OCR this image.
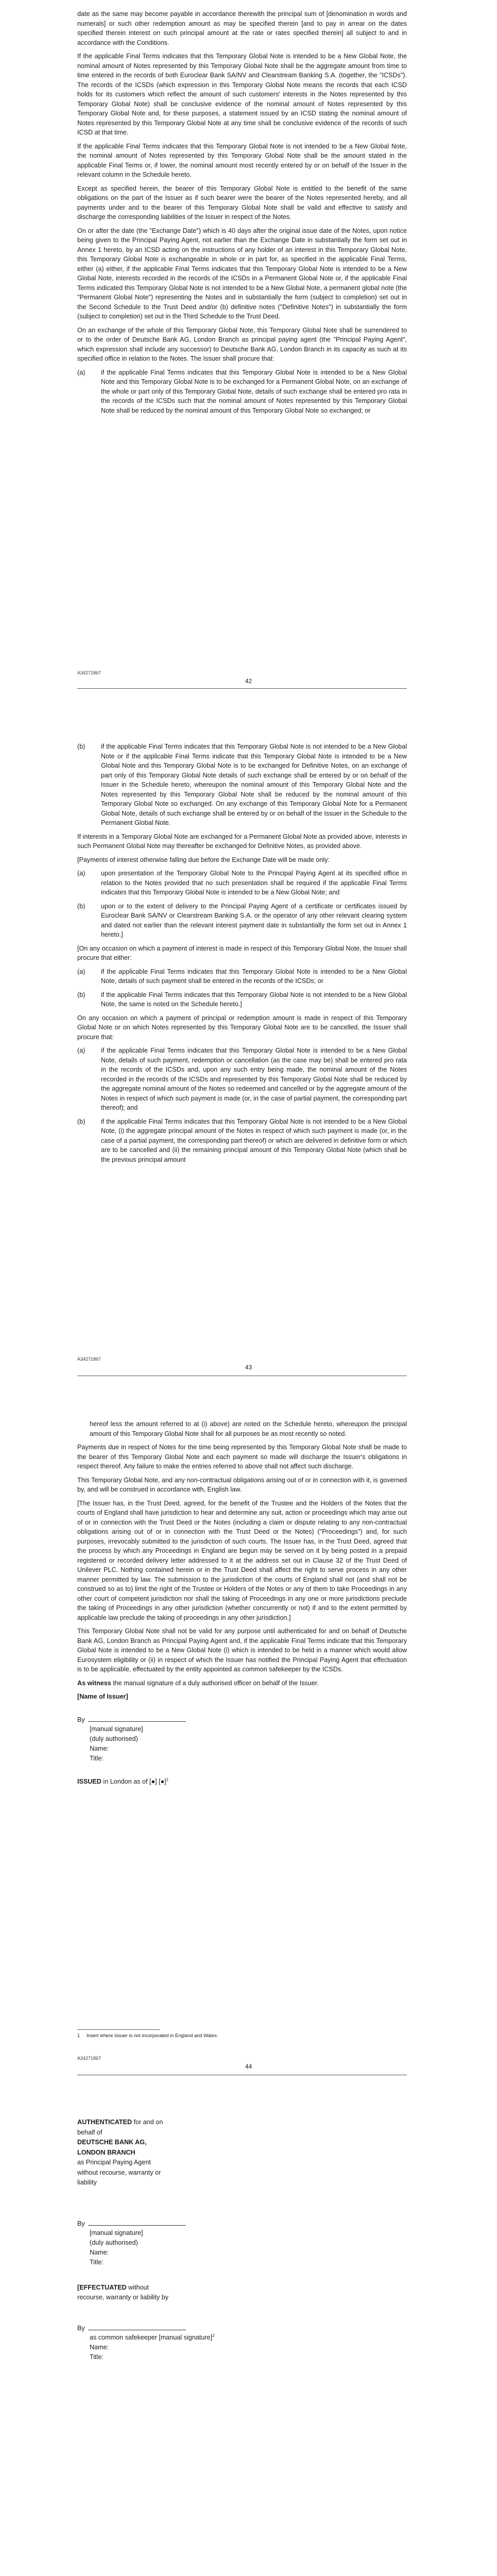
date as the same may become payable in accordance therewith the principal sum of [denomination in words and numerals] or such other redemption amount as may be specified therein [and to pay in arrear on the dates specified therein interest on such principal amount at the rate or rates specified therein] all subject to and in accordance with the Conditions.

If the applicable Final Terms indicates that this Temporary Global Note is intended to be a New Global Note, the nominal amount of Notes represented by this Temporary Global Note shall be the aggregate amount from time to time entered in the records of both Euroclear Bank SA/NV and Clearstream Banking S.A. (together, the "ICSDs"). The records of the ICSDs (which expression in this Temporary Global Note means the records that each ICSD holds for its customers which reflect the amount of such customers' interests in the Notes represented by this Temporary Global Note) shall be conclusive evidence of the nominal amount of Notes represented by this Temporary Global Note and, for these purposes, a statement issued by an ICSD stating the nominal amount of Notes represented by this Temporary Global Note at any time shall be conclusive evidence of the records of such ICSD at that time.

If the applicable Final Terms indicates that this Temporary Global Note is not intended to be a New Global Note, the nominal amount of Notes represented by this Temporary Global Note shall be the amount stated in the applicable Final Terms or, if lower, the nominal amount most recently entered by or on behalf of the Issuer in the relevant column in the Schedule hereto.

Except as specified herein, the bearer of this Temporary Global Note is entitled to the benefit of the same obligations on the part of the Issuer as if such bearer were the bearer of the Notes represented hereby, and all payments under and to the bearer of this Temporary Global Note shall be valid and effective to satisfy and discharge the corresponding liabilities of the Issuer in respect of the Notes.

On or after the date (the "Exchange Date") which is 40 days after the original issue date of the Notes, upon notice being given to the Principal Paying Agent, not earlier than the Exchange Date in substantially the form set out in Annex 1 hereto, by an ICSD acting on the instructions of any holder of an interest in this Temporary Global Note, this Temporary Global Note is exchangeable in whole or in part for, as specified in the applicable Final Terms, either (a) either, if the applicable Final Terms indicates that this Temporary Global Note is intended to be a New Global Note, interests recorded in the records of the ICSDs in a Permanent Global Note or, if the applicable Final Terms indicated this Temporary Global Note is not intended to be a New Global Note, a permanent global note (the "Permanent Global Note") representing the Notes and in substantially the form (subject to completion) set out in the Second Schedule to the Trust Deed and/or (b) definitive notes ("Definitive Notes") in substantially the form (subject to completion) set out in the Third Schedule to the Trust Deed.

On an exchange of the whole of this Temporary Global Note, this Temporary Global Note shall be surrendered to or to the order of Deutsche Bank AG, London Branch as principal paying agent (the "Principal Paying Agent", which expression shall include any successor) to Deutsche Bank AG, London Branch in its capacity as such at its specified office in relation to the Notes. The Issuer shall procure that:

(a) if the applicable Final Terms indicates that this Temporary Global Note is intended to be a New Global Note and this Temporary Global Note is to be exchanged for a Permanent Global Note, on an exchange of the whole or part only of this Temporary Global Note, details of such exchange shall be entered pro rata in the records of the ICSDs such that the nominal amount of Notes represented by this Temporary Global Note shall be reduced by the nominal amount of this Temporary Global Note so exchanged; or
A34271867
42
(b) if the applicable Final Terms indicates that this Temporary Global Note is not intended to be a New Global Note or if the applicable Final Terms indicate that this Temporary Global Note is intended to be a New Global Note and this Temporary Global Note is to be exchanged for Definitive Notes, on an exchange of part only of this Temporary Global Note details of such exchange shall be entered by or on behalf of the Issuer in the Schedule hereto, whereupon the nominal amount of this Temporary Global Note and the Notes represented by this Temporary Global Note shall be reduced by the nominal amount of this Temporary Global Note so exchanged. On any exchange of this Temporary Global Note for a Permanent Global Note, details of such exchange shall be entered by or on behalf of the Issuer in the Schedule to the Permanent Global Note.

If interests in a Temporary Global Note are exchanged for a Permanent Global Note as provided above, interests in such Permanent Global Note may thereafter be exchanged for Definitive Notes, as provided above.

[Payments of interest otherwise falling due before the Exchange Date will be made only:

(a) upon presentation of the Temporary Global Note to the Principal Paying Agent at its specified office in relation to the Notes provided that no such presentation shall be required if the applicable Final Terms indicates that this Temporary Global Note is intended to be a New Global Note; and
(b) upon or to the extent of delivery to the Principal Paying Agent of a certificate or certificates issued by Euroclear Bank SA/NV or Clearstream Banking S.A. or the operator of any other relevant clearing system and dated not earlier than the relevant interest payment date in substantially the form set out in Annex 1 hereto.]

[On any occasion on which a payment of interest is made in respect of this Temporary Global Note, the Issuer shall procure that either:

(a) if the applicable Final Terms indicates that this Temporary Global Note is intended to be a New Global Note, details of such payment shall be entered in the records of the ICSDs; or
(b) if the applicable Final Terms indicates that this Temporary Global Note is not intended to be a New Global Note, the same is noted on the Schedule hereto.]

On any occasion on which a payment of principal or redemption amount is made in respect of this Temporary Global Note or on which Notes represented by this Temporary Global Note are to be cancelled, the Issuer shall procure that:

(a) if the applicable Final Terms indicates that this Temporary Global Note is intended to be a New Global Note, details of such payment, redemption or cancellation (as the case may be) shall be entered pro rata in the records of the ICSDs and, upon any such entry being made, the nominal amount of the Notes recorded in the records of the ICSDs and represented by this Temporary Global Note shall be reduced by the aggregate nominal amount of the Notes so redeemed and cancelled or by the aggregate amount of the Notes in respect of which such payment is made (or, in the case of partial payment, the corresponding part thereof); and
(b) if the applicable Final Terms indicates that this Temporary Global Note is not intended to be a New Global Note, (i) the aggregate principal amount of the Notes in respect of which such payment is made (or, in the case of a partial payment, the corresponding part thereof) or which are delivered in definitive form or which are to be cancelled and (ii) the remaining principal amount of this Temporary Global Note (which shall be the previous principal amount
A34271867
43

hereof less the amount referred to at (i) above) are noted on the Schedule hereto, whereupon the principal amount of this Temporary Global Note shall for all purposes be as most recently so noted.

Payments due in respect of Notes for the time being represented by this Temporary Global Note shall be made to the bearer of this Temporary Global Note and each payment so made will discharge the Issuer's obligations in respect thereof. Any failure to make the entries referred to above shall not affect such discharge.

This Temporary Global Note, and any non-contractual obligations arising out of or in connection with it, is governed by, and will be construed in accordance with, English law.

[The Issuer has, in the Trust Deed, agreed, for the benefit of the Trustee and the Holders of the Notes that the courts of England shall have jurisdiction to hear and determine any suit, action or proceedings which may arise out of or in connection with the Trust Deed or the Notes (including a claim or dispute relating to any non-contractual obligations arising out of or in connection with the Trust Deed or the Notes) ("Proceedings") and, for such purposes, irrevocably submitted to the jurisdiction of such courts. The Issuer has, in the Trust Deed, agreed that the process by which any Proceedings in England are begun may be served on it by being posted in a prepaid registered or recorded delivery letter addressed to it at the address set out in Clause 32 of the Trust Deed of Unilever PLC. Nothing contained herein or in the Trust Deed shall affect the right to serve process in any other manner permitted by law. The submission to the jurisdiction of the courts of England shall not (and shall not be construed so as to) limit the right of the Trustee or Holders of the Notes or any of them to take Proceedings in any other court of competent jurisdiction nor shall the taking of Proceedings in any one or more jurisdictions preclude the taking of Proceedings in any other jurisdiction (whether concurrently or not) if and to the extent permitted by applicable law preclude the taking of proceedings in any other jurisdiction.]

This Temporary Global Note shall not be valid for any purpose until authenticated for and on behalf of Deutsche Bank AG, London Branch as Principal Paying Agent and, if the applicable Final Terms indicate that this Temporary Global Note is intended to be a New Global Note (i) which is intended to be held in a manner which would allow Eurosystem eligibility or (ii) in respect of which the Issuer has notified the Principal Paying Agent that effectuation is to be applicable, effectuated by the entity appointed as common safekeeper by the ICSDs.

As witness the manual signature of a duly authorised officer on behalf of the Issuer.

[Name of Issuer]

By
[manual signature]
(duly authorised)
Name:
Title:

ISSUED in London as of [●] [●]$^1$

1 Insert where Issuer is not incorporated in England and Wales.
A34271867
44
AUTHENTICATED for and on
behalf of
DEUTSCHE BANK AG,
LONDON BRANCH
as Principal Paying Agent
without recourse, warranty or
liability
By
[manual signature]
(duly authorised)
Name:
Title:
[EFFECTUATED without
recourse, warranty or liability by
By
as common safekeeper [manual signature]$^2$
Name:
Title:
